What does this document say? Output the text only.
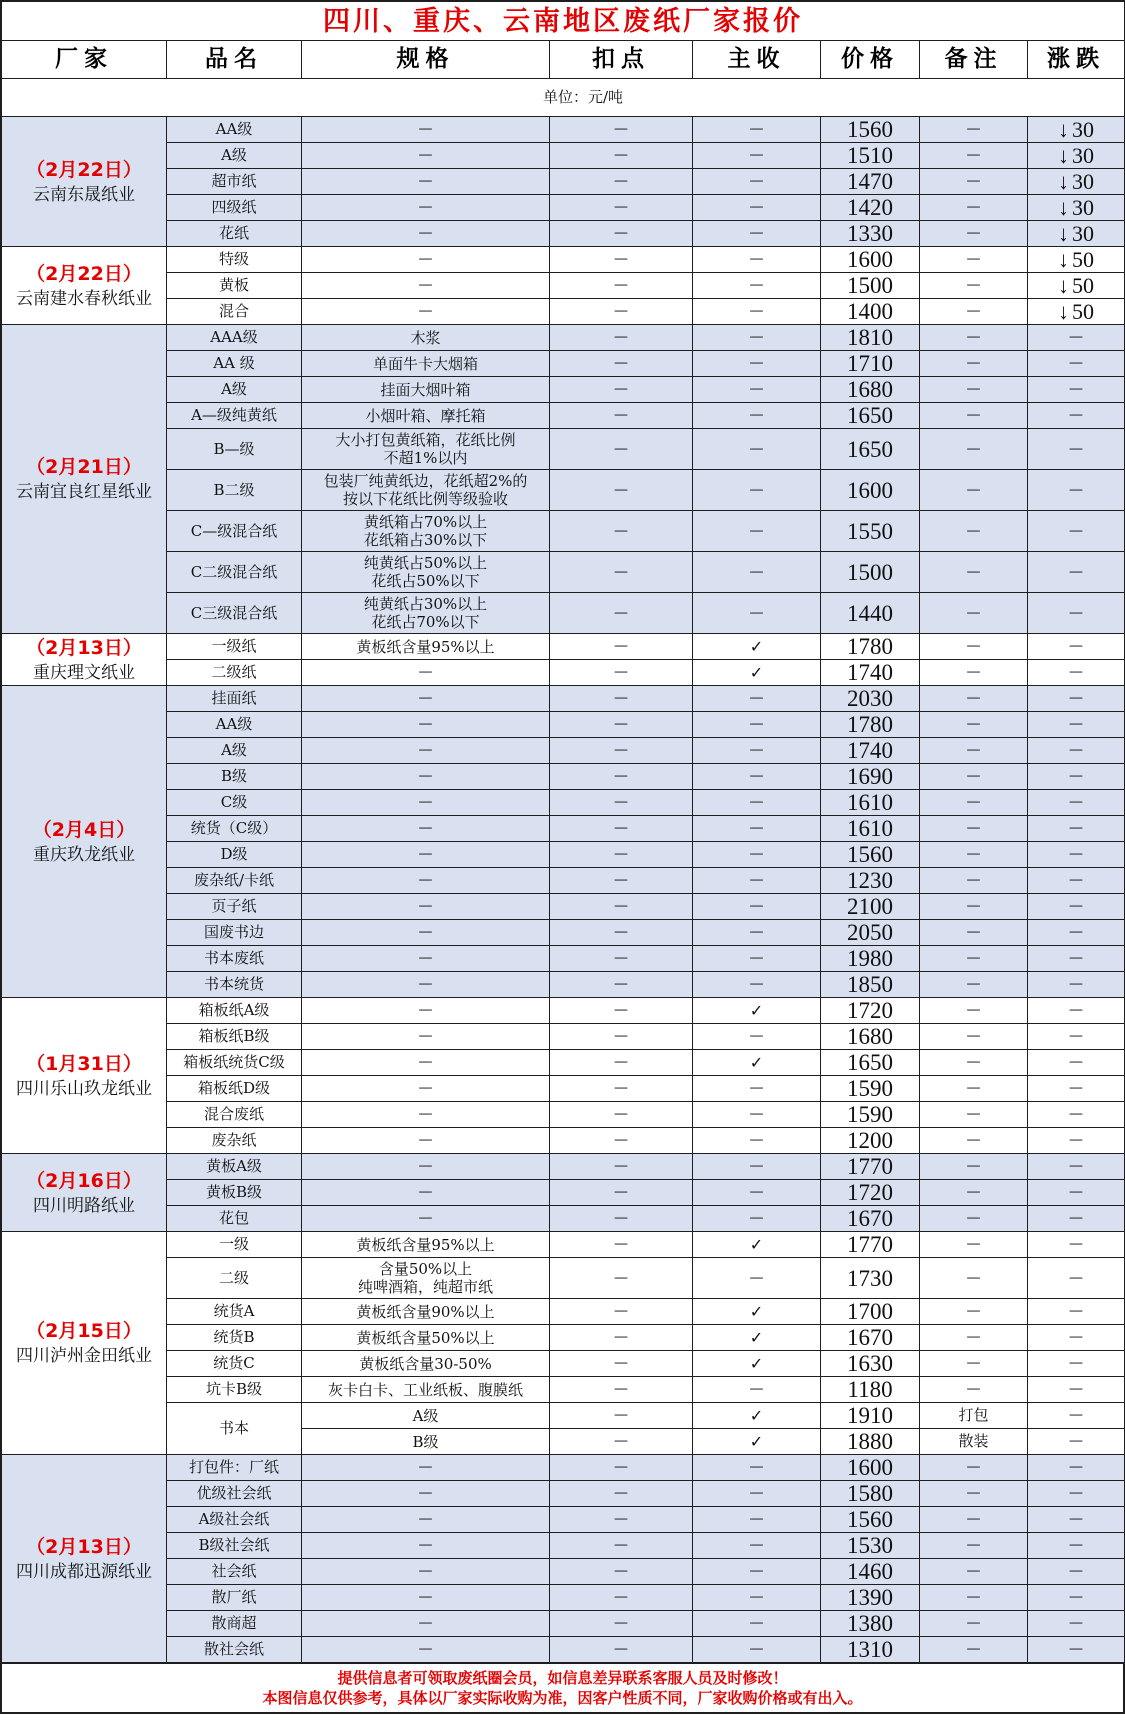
四川、重庆、云南地区废纸厂家报价							
厂家	品名	规格	扣点	主收	价格	备注	涨跌
单位：元/吨							

（2月22日）
云南东晟纸业	AA级	—	—	—	1560	—	↓ 30
	A级	—	—	—	1510	—	↓ 30
	超市纸	—	—	—	1470	—	↓ 30
	四级纸	—	—	—	1420	—	↓ 30
	花纸	—	—	—	1330	—	↓ 30

（2月22日）
云南建水春秋纸业	特级	—	—	—	1600	—	↓ 50
	黄板	—	—	—	1500	—	↓ 50
	混合	—	—	—	1400	—	↓ 50

（2月21日）
云南宜良红星纸业	AAA级	木浆	—	—	1810	—	—
	AA 级	单面牛卡大烟箱	—	—	1710	—	—
	A级	挂面大烟叶箱	—	—	1680	—	—
	A—级纯黄纸	小烟叶箱、摩托箱	—	—	1650	—	—
	B—级	大小打包黄纸箱，花纸比例
不超1%以内	—	—	1650	—	—
	B二级	包装厂纯黄纸边，花纸超2%的
按以下花纸比例等级验收	—	—	1600	—	—
	C—级混合纸	黄纸箱占70%以上
花纸箱占30%以下	—	—	1550	—	—
	C二级混合纸	纯黄纸占50%以上
花纸占50%以下	—	—	1500	—	—
	C三级混合纸	纯黄纸占30%以上
花纸占70%以下	—	—	1440	—	—

（2月13日）
重庆理文纸业	一级纸	黄板纸含量95%以上	—	✓	1780	—	—
	二级纸	—	—	✓	1740	—	—

（2月4日）
重庆玖龙纸业	挂面纸	—	—	—	2030	—	—
	AA级	—	—	—	1780	—	—
	A级	—	—	—	1740	—	—
	B级	—	—	—	1690	—	—
	C级	—	—	—	1610	—	—
	统货（C级）	—	—	—	1610	—	—
	D级	—	—	—	1560	—	—
	废杂纸/卡纸	—	—	—	1230	—	—
	页子纸	—	—	—	2100	—	—
	国废书边	—	—	—	2050	—	—
	书本废纸	—	—	—	1980	—	—
	书本统货	—	—	—	1850	—	—

（1月31日）
四川乐山玖龙纸业	箱板纸A级	—	—	✓	1720	—	—
	箱板纸B级	—	—	—	1680	—	—
	箱板纸统货C级	—	—	✓	1650	—	—
	箱板纸D级	—	—	—	1590	—	—
	混合废纸	—	—	—	1590	—	—
	废杂纸	—	—	—	1200	—	—

（2月16日）
四川明路纸业	黄板A级	—	—	—	1770	—	—
	黄板B级	—	—	—	1720	—	—
	花包	—	—	—	1670	—	—

（2月15日）
四川泸州金田纸业	一级	黄板纸含量95%以上	—	✓	1770	—	—
	二级	含量50%以上
纯啤酒箱，纯超市纸	—	—	1730	—	—
	统货A	黄板纸含量90%以上	—	✓	1700	—	—
	统货B	黄板纸含量50%以上	—	✓	1670	—	—
	统货C	黄板纸含量30-50%	—	✓	1630	—	—
	坑卡B级	灰卡白卡、工业纸板、腹膜纸	—	—	1180	—	—
	书本	A级	—	✓	1910	打包	—

		B级	—	✓	1880	散装	—

（2月13日）
四川成都迅源纸业	打包件：厂纸	—	—	—	1600	—	—
	优级社会纸	—	—	—	1580	—	—
	A级社会纸	—	—	—	1560	—	—
	B级社会纸	—	—	—	1530	—	—
	社会纸	—	—	—	1460	—	—
	散厂纸	—	—	—	1390	—	—
	散商超	—	—	—	1380	—	—
	散社会纸	—	—	—	1310	—	—
提供信息者可领取废纸圈会员，如信息差异联系客服人员及时修改！
本图信息仅供参考，具体以厂家实际收购为准，因客户性质不同，厂家收购价格或有出入。
